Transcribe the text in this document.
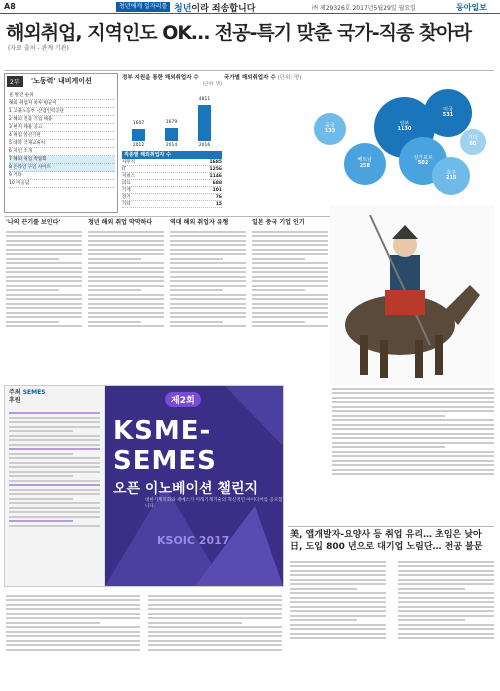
A8	청년에게 일자리를 청년이라 죄송합니다	㈜ 제29326호 2017년5월29일 월요일	동아일보
해외취업, 지역인도 OK… 전공-특기 맞춘 국가-직종 찾아라
(자료 출처 - 관계 기관)
2부	'노동력' 내비게이션
물 발견 순위
해외 취업자 하루 평균이
1 고용노동부 ·산업인력공단
2 해외 진출 기업 채용
3 현지 채용 공고
4 취업 알선기관
5 대학 국제교류처
6 지인 소개
7 해외 취업 박람회
8 온라인 구인 사이트
9 기타
10 미응답
정부 지원을 통한 해외취업자 수
(단위: 명)
1607
2012
1679
2014
4811
2016
직종별 해외취업자 수
사무직	1685
IT	1256
서비스	1146
의료	688
기계	101
전기	76
기타	15
국가별 해외취업자 수 (단위: 명)
일본
1130
미국
531
싱가포르
502
베트남
258
호주
215
중국
133
기타
60
'나의 끈기를 보인다'	청년 해외 취업 막막하다	역대 해외 취업자 유형	일본 중국 기업 인기
주최 SEMES
후원	제2회
KSME-
SEMES
오픈 이노베이션 챌린지
대한기계학회와 세메스가 미래기계기술의 혁신적인 아이디어를 공모합니다.
KSOIC 2017	美, 앱개발자-요양사 등 취업 유리… 초임은 낮아 日, 도입 800 년으로 대기업 노림단… 전공 불문
